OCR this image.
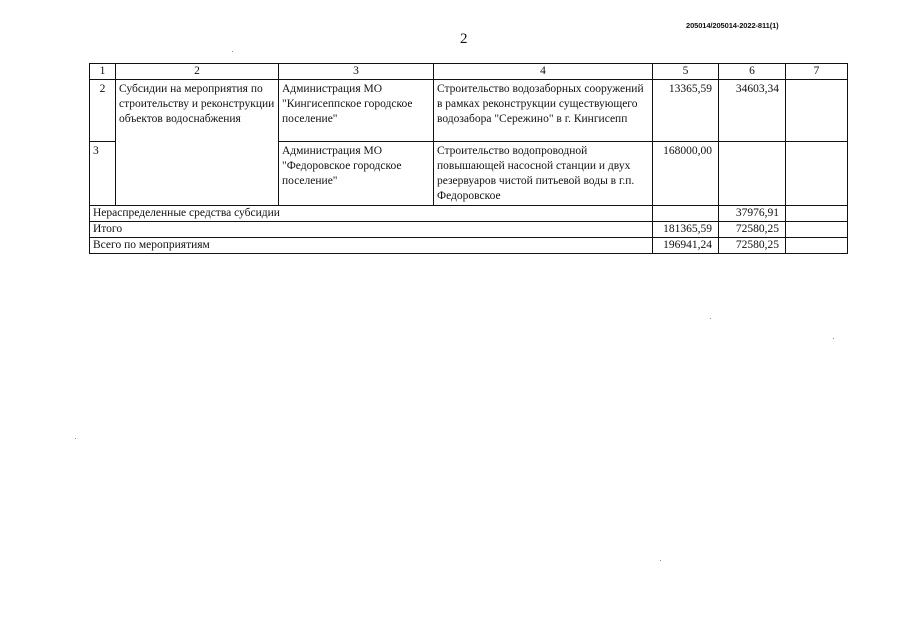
205014/205014-2022-811(1)
2
1	2	3	4	5	6	7
2	Субсидии на мероприятия по строительству и реконструкции объектов водоснабжения	Администрация МО "Кингисеппское городское поселение"	Строительство водозаборных сооружений в рамках реконструкции существующего водозабора "Сережино" в г. Кингисепп	13365,59	34603,34	
3		Администрация МО "Федоровское городское поселение"	Строительство водопроводной повышающей насосной станции и двух резервуаров чистой питьевой воды в г.п. Федоровское	168000,00		
Нераспределенные средства субсидии					37976,91	
Итого				181365,59	72580,25	
Всего по мероприятиям				196941,24	72580,25	
